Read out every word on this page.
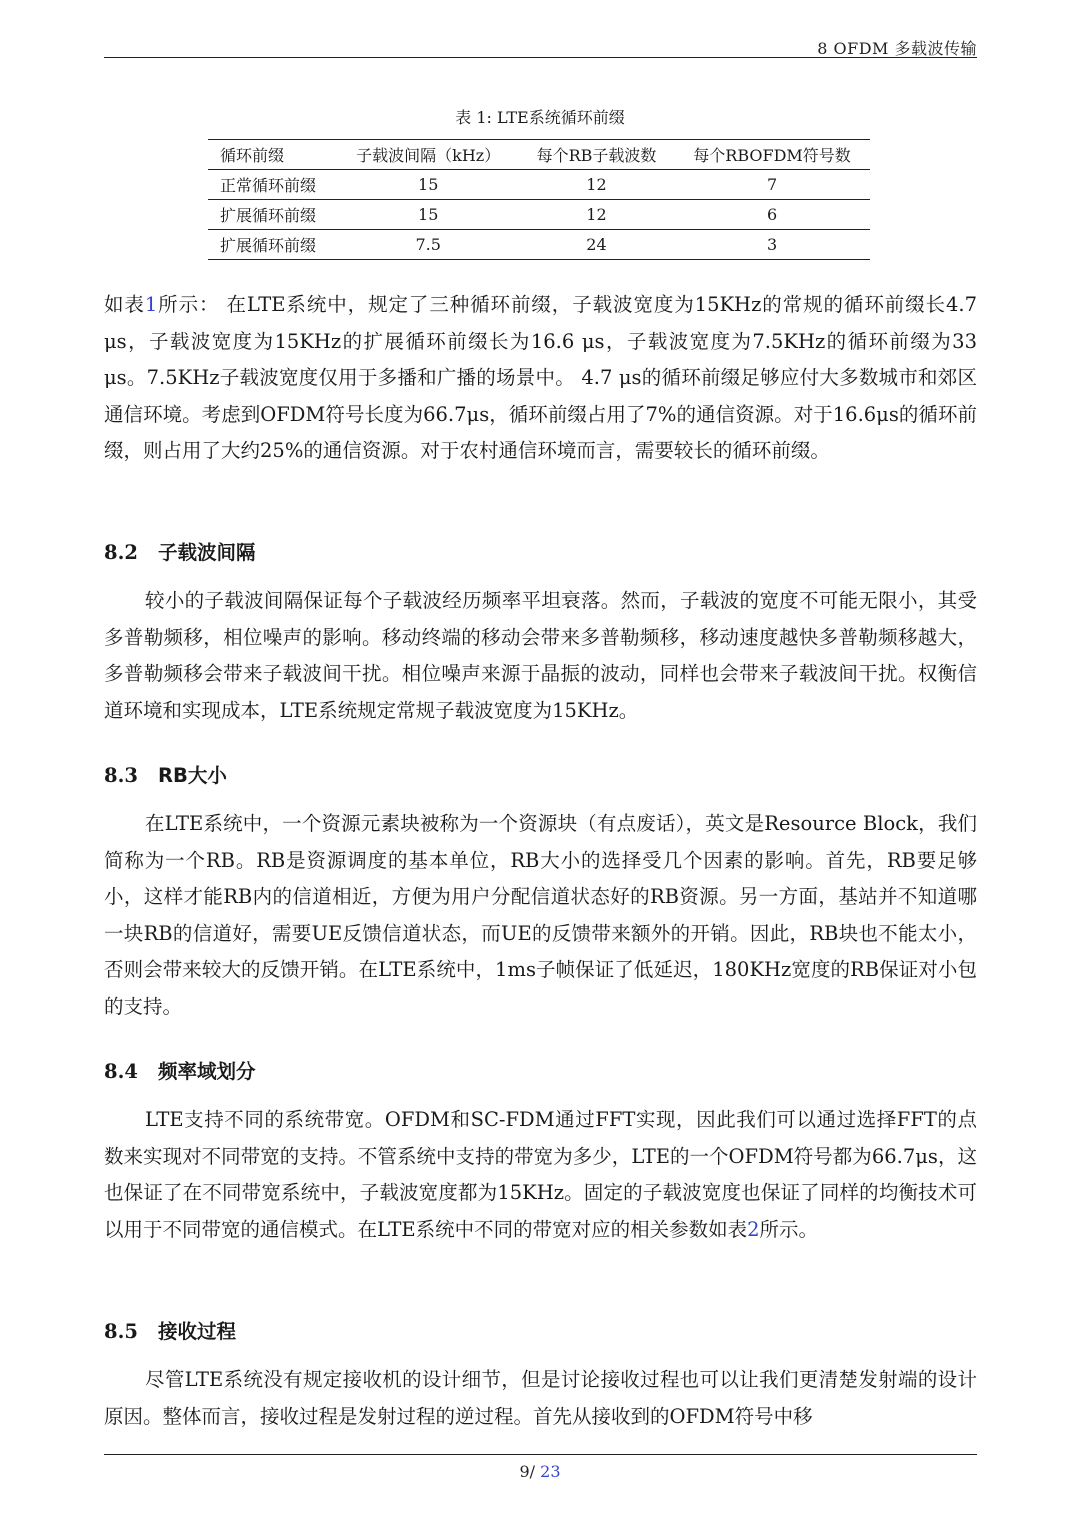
8 OFDM 多载波传输
表 1: LTE系统循环前缀
循环前缀	子载波间隔（kHz）	每个RB子载波数	每个RBOFDM符号数
正常循环前缀	15	12	7
扩展循环前缀	15	12	6
扩展循环前缀	7.5	24	3
如表1所示： 在LTE系统中，规定了三种循环前缀，子载波宽度为15KHz的常规的循环前缀长4.7 μs，子载波宽度为15KHz的扩展循环前缀长为16.6 μs，子载波宽度为7.5KHz的循环前缀为33 μs。7.5KHz子载波宽度仅用于多播和广播的场景中。 4.7 μs的循环前缀足够应付大多数城市和郊区通信环境。考虑到OFDM符号长度为66.7μs，循环前缀占用了7%的通信资源。对于16.6μs的循环前缀，则占用了大约25%的通信资源。对于农村通信环境而言，需要较长的循环前缀。
8.2 子载波间隔
较小的子载波间隔保证每个子载波经历频率平坦衰落。然而，子载波的宽度不可能无限小，其受多普勒频移，相位噪声的影响。移动终端的移动会带来多普勒频移，移动速度越快多普勒频移越大，多普勒频移会带来子载波间干扰。相位噪声来源于晶振的波动，同样也会带来子载波间干扰。权衡信道环境和实现成本，LTE系统规定常规子载波宽度为15KHz。
8.3 RB大小
在LTE系统中，一个资源元素块被称为一个资源块（有点废话），英文是Resource Block，我们简称为一个RB。RB是资源调度的基本单位，RB大小的选择受几个因素的影响。首先，RB要足够小，这样才能RB内的信道相近，方便为用户分配信道状态好的RB资源。另一方面，基站并不知道哪一块RB的信道好，需要UE反馈信道状态，而UE的反馈带来额外的开销。因此，RB块也不能太小，否则会带来较大的反馈开销。在LTE系统中，1ms子帧保证了低延迟，180KHz宽度的RB保证对小包的支持。
8.4 频率域划分
LTE支持不同的系统带宽。OFDM和SC-FDM通过FFT实现，因此我们可以通过选择FFT的点数来实现对不同带宽的支持。不管系统中支持的带宽为多少，LTE的一个OFDM符号都为66.7μs，这也保证了在不同带宽系统中，子载波宽度都为15KHz。固定的子载波宽度也保证了同样的均衡技术可以用于不同带宽的通信模式。在LTE系统中不同的带宽对应的相关参数如表2所示。
8.5 接收过程
尽管LTE系统没有规定接收机的设计细节，但是讨论接收过程也可以让我们更清楚发射端的设计原因。整体而言，接收过程是发射过程的逆过程。首先从接收到的OFDM符号中移
9/ 23
